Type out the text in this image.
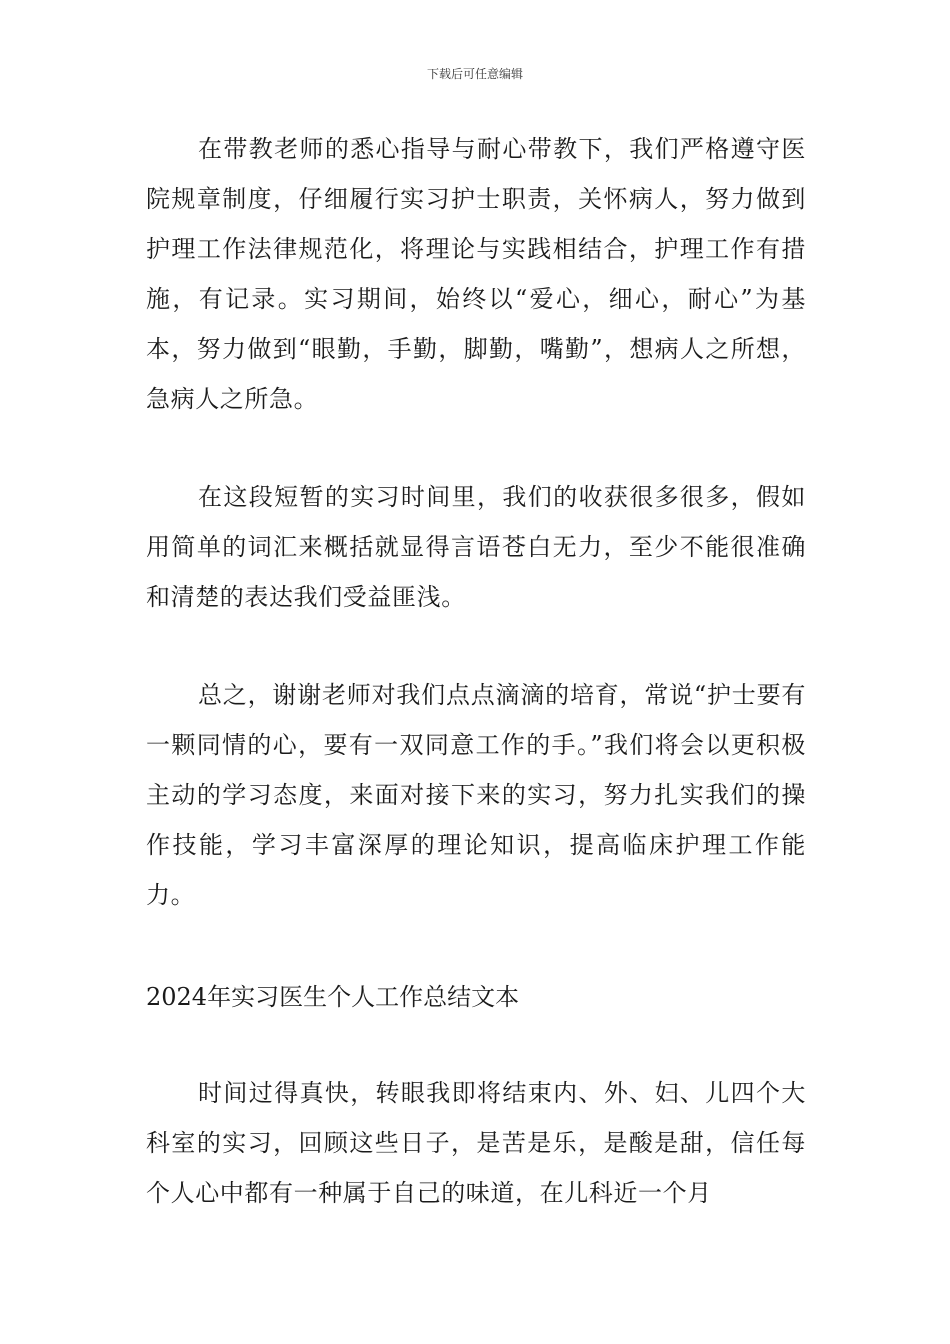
下载后可任意编辑

在带教老师的悉心指导与耐心带教下，我们严格遵守医院规章制度，仔细履行实习护士职责，关怀病人，努力做到护理工作法律规范化，将理论与实践相结合，护理工作有措施，有记录。实习期间，始终以“爱心，细心，耐心”为基本，努力做到“眼勤，手勤，脚勤，嘴勤”，想病人之所想，急病人之所急。

在这段短暂的实习时间里，我们的收获很多很多，假如用简单的词汇来概括就显得言语苍白无力，至少不能很准确和清楚的表达我们受益匪浅。

总之，谢谢老师对我们点点滴滴的培育，常说“护士要有一颗同情的心，要有一双同意工作的手。”我们将会以更积极主动的学习态度，来面对接下来的实习，努力扎实我们的操作技能，学习丰富深厚的理论知识，提高临床护理工作能力。

2024年实习医生个人工作总结文本

时间过得真快，转眼我即将结束内、外、妇、儿四个大科室的实习，回顾这些日子，是苦是乐，是酸是甜，信任每个人心中都有一种属于自己的味道，在儿科近一个月
